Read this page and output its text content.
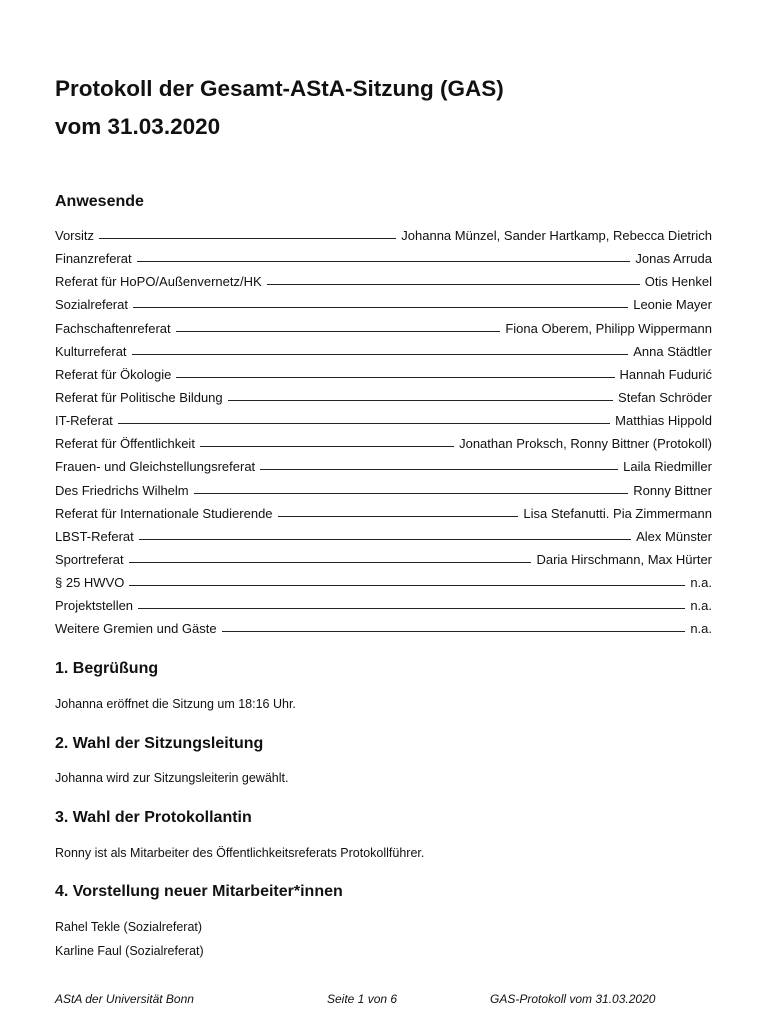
Protokoll der Gesamt-AStA-Sitzung (GAS)
vom 31.03.2020
Anwesende
Vorsitz	Johanna Münzel, Sander Hartkamp, Rebecca Dietrich
Finanzreferat	Jonas Arruda
Referat für HoPO/Außenvernetz/HK	Otis Henkel
Sozialreferat	Leonie Mayer
Fachschaftenreferat	Fiona Oberem, Philipp Wippermann
Kulturreferat	Anna Städtler
Referat für Ökologie	Hannah Fudurić
Referat für Politische Bildung	Stefan Schröder
IT-Referat	Matthias Hippold
Referat für Öffentlichkeit	Jonathan Proksch, Ronny Bittner (Protokoll)
Frauen- und Gleichstellungsreferat	Laila Riedmiller
Des Friedrichs Wilhelm	Ronny Bittner
Referat für Internationale Studierende	Lisa Stefanutti. Pia Zimmermann
LBST-Referat	Alex Münster
Sportreferat	Daria Hirschmann, Max Hürter
§ 25 HWVO	n.a.
Projektstellen	n.a.
Weitere Gremien und Gäste	n.a.
1. Begrüßung

Johanna eröffnet die Sitzung um 18:16 Uhr.

2. Wahl der Sitzungsleitung

Johanna wird zur Sitzungsleiterin gewählt.

3. Wahl der Protokollantin

Ronny ist als Mitarbeiter des Öffentlichkeitsreferats Protokollführer.

4. Vorstellung neuer Mitarbeiter*innen

Rahel Tekle (Sozialreferat)

Karline Faul (Sozialreferat)

AStA der Universität Bonn	Seite 1 von 6	GAS-Protokoll vom 31.03.2020
